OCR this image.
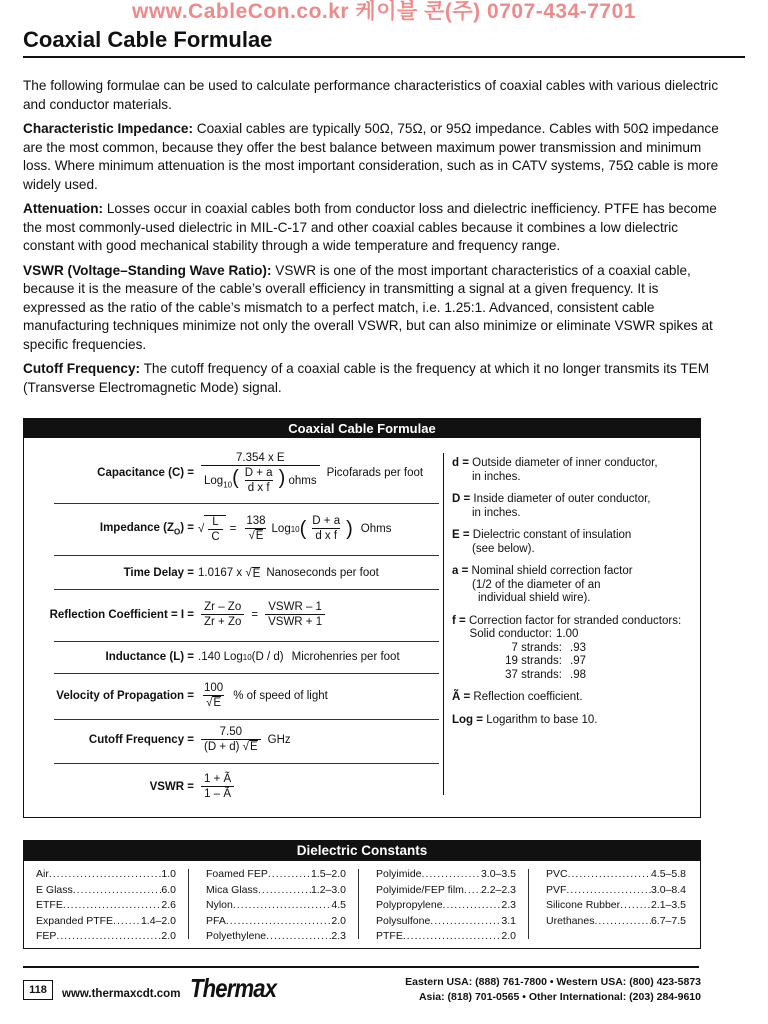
www.CableCon.co.kr 케이블 콘(주) 0707-434-7701
Coaxial Cable Formulae

The following formulae can be used to calculate performance characteristics of coaxial cables with various dielectric and conductor materials.

Characteristic Impedance: Coaxial cables are typically 50Ω, 75Ω, or 95Ω impedance. Cables with 50Ω impedance are the most common, because they offer the best balance between maximum power transmission and minimum loss. Where minimum attenuation is the most important consideration, such as in CATV systems, 75Ω cable is more widely used.

Attenuation: Losses occur in coaxial cables both from conductor loss and dielectric inefficiency. PTFE has become the most commonly-used dielectric in MIL-C-17 and other coaxial cables because it combines a low dielectric constant with good mechanical stability through a wide temperature and frequency range.

VSWR (Voltage–Standing Wave Ratio): VSWR is one of the most important characteristics of a coaxial cable, because it is the measure of the cable’s overall efficiency in transmitting a signal at a given frequency. It is expressed as the ratio of the cable’s mismatch to a perfect match, i.e. 1.25:1. Advanced, consistent cable manufacturing techniques minimize not only the overall VSWR, but can also minimize or eliminate VSWR spikes at specific frequencies.

Cutoff Frequency: The cutoff frequency of a coaxial cable is the frequency at which it no longer transmits its TEM (Transverse Electromagnetic Mode) signal.

Coaxial Cable Formulae
Capacitance $(C) = \frac{\text{7.354 x E}}{Log_{10}( \frac{D + a}{\text{d x f}} ) ohms}$ Picofarads per foot
Impedance $(Z_O)$ = √ $\frac{L}{C} = \frac{138}{√E}$ Log 10 ( $\frac{D + a}{\text{d x f}}$ ) Ohms
Time Delay = 1.0167 x √ E Nanoseconds per foot
Reflection Coefficient = $I = \frac{Zr - Zo}{Zr + Zo} = \frac{\text{VSWR – 1}}{\text{VSWR + 1}}$
Inductance (L) = .140 Log 10 (D / d) Microhenries per foot
Velocity of Propagation = $\frac{100}{√E}$ % of speed of light
Cutoff Frequency = $\frac{7.50}{(D + d) √E}$ GHz
VSWR = $\frac{1 + Ã}{1 - Ã}$
d = Outside diameter of inner conductor,
in inches.
D = Inside diameter of outer conductor,
in inches.
E = Dielectric constant of insulation
(see below).
a = Nominal shield correction factor
(1/2 of the diameter of an
individual shield wire).
f = Correction factor for stranded conductors:
Solid conductor: 1.00
7 strands: .93
19 strands: .97
37 strands: .98
Ã = Reflection coefficient.
Log = Logarithm to base 10.
Dielectric Constants
Air .....	1.0
E Glass .....	6.0
ETFE .....	2.6
Expanded PTFE .....	1.4–2.0
FEP .....	2.0
Foamed FEP .....	1.5–2.0
Mica Glass .....	1.2–3.0
Nylon .....	4.5
PFA .....	2.0
Polyethylene .....	2.3
Polyimide .....	3.0–3.5
Polyimide/FEP film ..... 2.2–2.3
Polypropylene .....	2.3
Polysulfone .....	3.1
PTFE .....	2.0
PVC .....	4.5–5.8
PVF .....	3.0–8.4
Silicone Rubber .....	2.1–3.5
Urethanes .....	6.7–7.5
118	www.thermaxcdt.com Thermax	Eastern USA: (888) 761-7800 • Western USA: (800) 423-5873
Asia: (818) 701-0565 • Other International: (203) 284-9610
